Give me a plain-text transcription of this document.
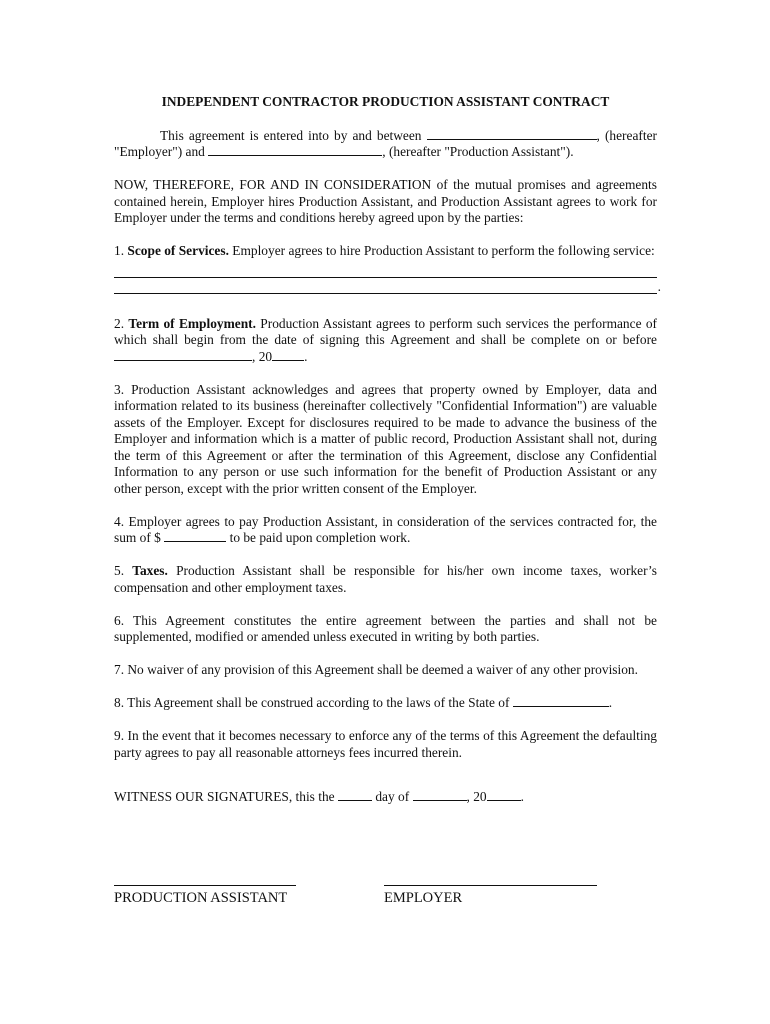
INDEPENDENT CONTRACTOR PRODUCTION ASSISTANT CONTRACT

This agreement is entered into by and between	, (hereafter "Employer") and	, (hereafter "Production Assistant").

NOW, THEREFORE, FOR AND IN CONSIDERATION of the mutual promises and agreements contained herein, Employer hires Production Assistant, and Production Assistant agrees to work for Employer under the terms and conditions hereby agreed upon by the parties:

1. Scope of Services. Employer agrees to hire Production Assistant to perform the following service:

.

2. Term of Employment. Production Assistant agrees to perform such services the performance of which shall begin from the date of signing this Agreement and shall be complete on or before , 20 .

3. Production Assistant acknowledges and agrees that property owned by Employer, data and information related to its business (hereinafter collectively "Confidential Information") are valuable assets of the Employer. Except for disclosures required to be made to advance the business of the Employer and information which is a matter of public record, Production Assistant shall not, during the term of this Agreement or after the termination of this Agreement, disclose any Confidential Information to any person or use such information for the benefit of Production Assistant or any other person, except with the prior written consent of the Employer.

4. Employer agrees to pay Production Assistant, in consideration of the services contracted for, the sum of $	to be paid upon completion work.

5. Taxes. Production Assistant shall be responsible for his/her own income taxes, worker’s compensation and other employment taxes.

6. This Agreement constitutes the entire agreement between the parties and shall not be supplemented, modified or amended unless executed in writing by both parties.

7. No waiver of any provision of this Agreement shall be deemed a waiver of any other provision.

8. This Agreement shall be construed according to the laws of the State of	.

9. In the event that it becomes necessary to enforce any of the terms of this Agreement the defaulting party agrees to pay all reasonable attorneys fees incurred therein.

WITNESS OUR SIGNATURES, this the	day of	, 20	.

PRODUCTION ASSISTANT	EMPLOYER
